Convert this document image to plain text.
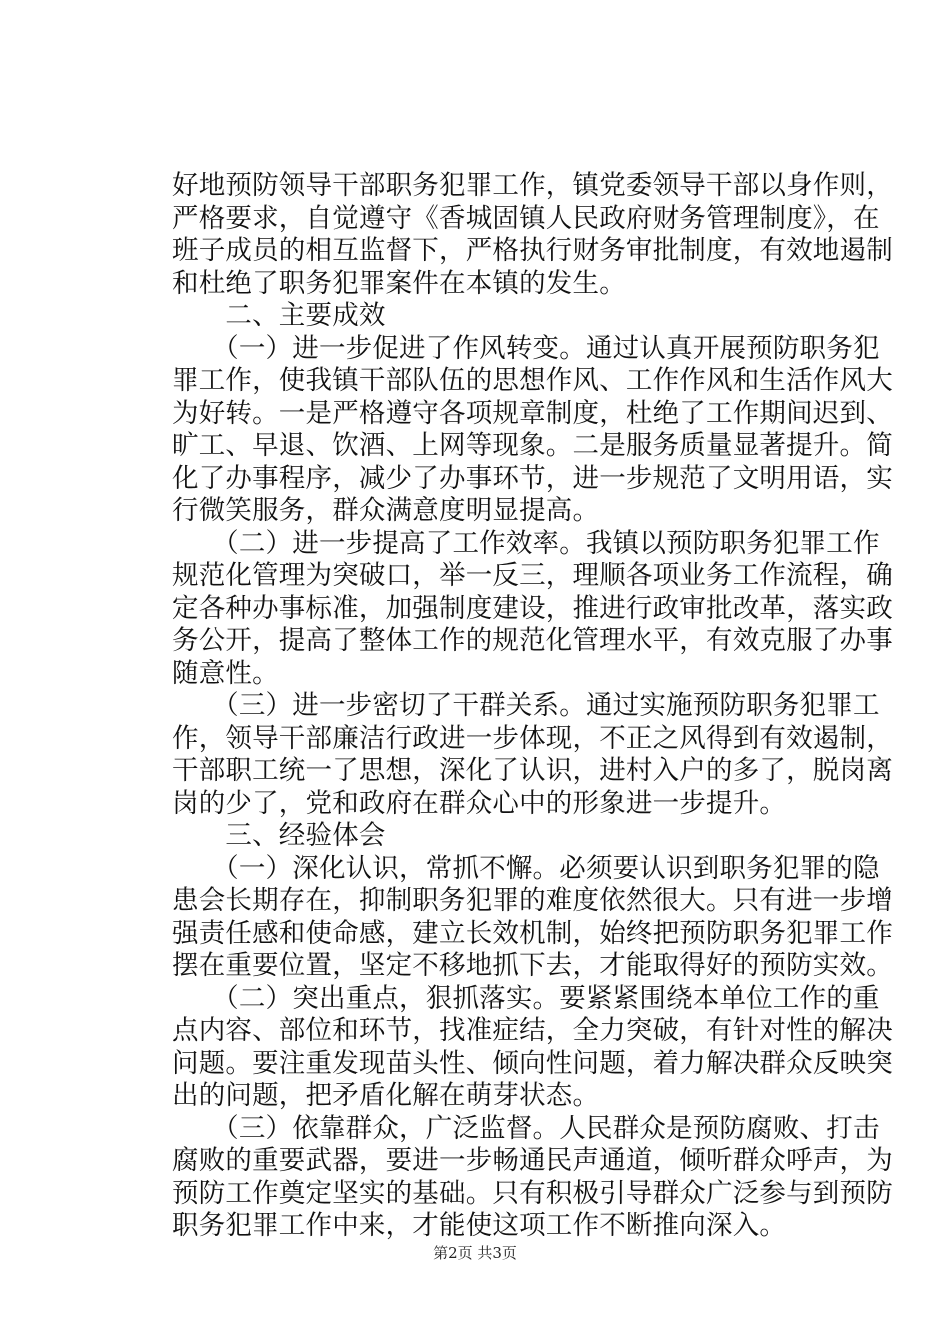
好地预防领导干部职务犯罪工作，镇党委领导干部以身作则，
严格要求，自觉遵守《香城固镇人民政府财务管理制度》，在
班子成员的相互监督下，严格执行财务审批制度，有效地遏制
和杜绝了职务犯罪案件在本镇的发生。
　　二、主要成效
　　（一）进一步促进了作风转变。通过认真开展预防职务犯
罪工作，使我镇干部队伍的思想作风、工作作风和生活作风大
为好转。一是严格遵守各项规章制度，杜绝了工作期间迟到、
旷工、早退、饮酒、上网等现象。二是服务质量显著提升。简
化了办事程序，减少了办事环节，进一步规范了文明用语，实
行微笑服务，群众满意度明显提高。
　　（二）进一步提高了工作效率。我镇以预防职务犯罪工作
规范化管理为突破口，举一反三，理顺各项业务工作流程，确
定各种办事标准，加强制度建设，推进行政审批改革，落实政
务公开，提高了整体工作的规范化管理水平，有效克服了办事
随意性。
　　（三）进一步密切了干群关系。通过实施预防职务犯罪工
作，领导干部廉洁行政进一步体现，不正之风得到有效遏制，
干部职工统一了思想，深化了认识，进村入户的多了，脱岗离
岗的少了，党和政府在群众心中的形象进一步提升。
　　三、经验体会
　　（一）深化认识，常抓不懈。必须要认识到职务犯罪的隐
患会长期存在，抑制职务犯罪的难度依然很大。只有进一步增
强责任感和使命感，建立长效机制，始终把预防职务犯罪工作
摆在重要位置，坚定不移地抓下去，才能取得好的预防实效。
　　（二）突出重点，狠抓落实。要紧紧围绕本单位工作的重
点内容、部位和环节，找准症结，全力突破，有针对性的解决
问题。要注重发现苗头性、倾向性问题，着力解决群众反映突
出的问题，把矛盾化解在萌芽状态。
　　（三）依靠群众，广泛监督。人民群众是预防腐败、打击
腐败的重要武器，要进一步畅通民声通道，倾听群众呼声，为
预防工作奠定坚实的基础。只有积极引导群众广泛参与到预防
职务犯罪工作中来，才能使这项工作不断推向深入。
第2页 共3页
